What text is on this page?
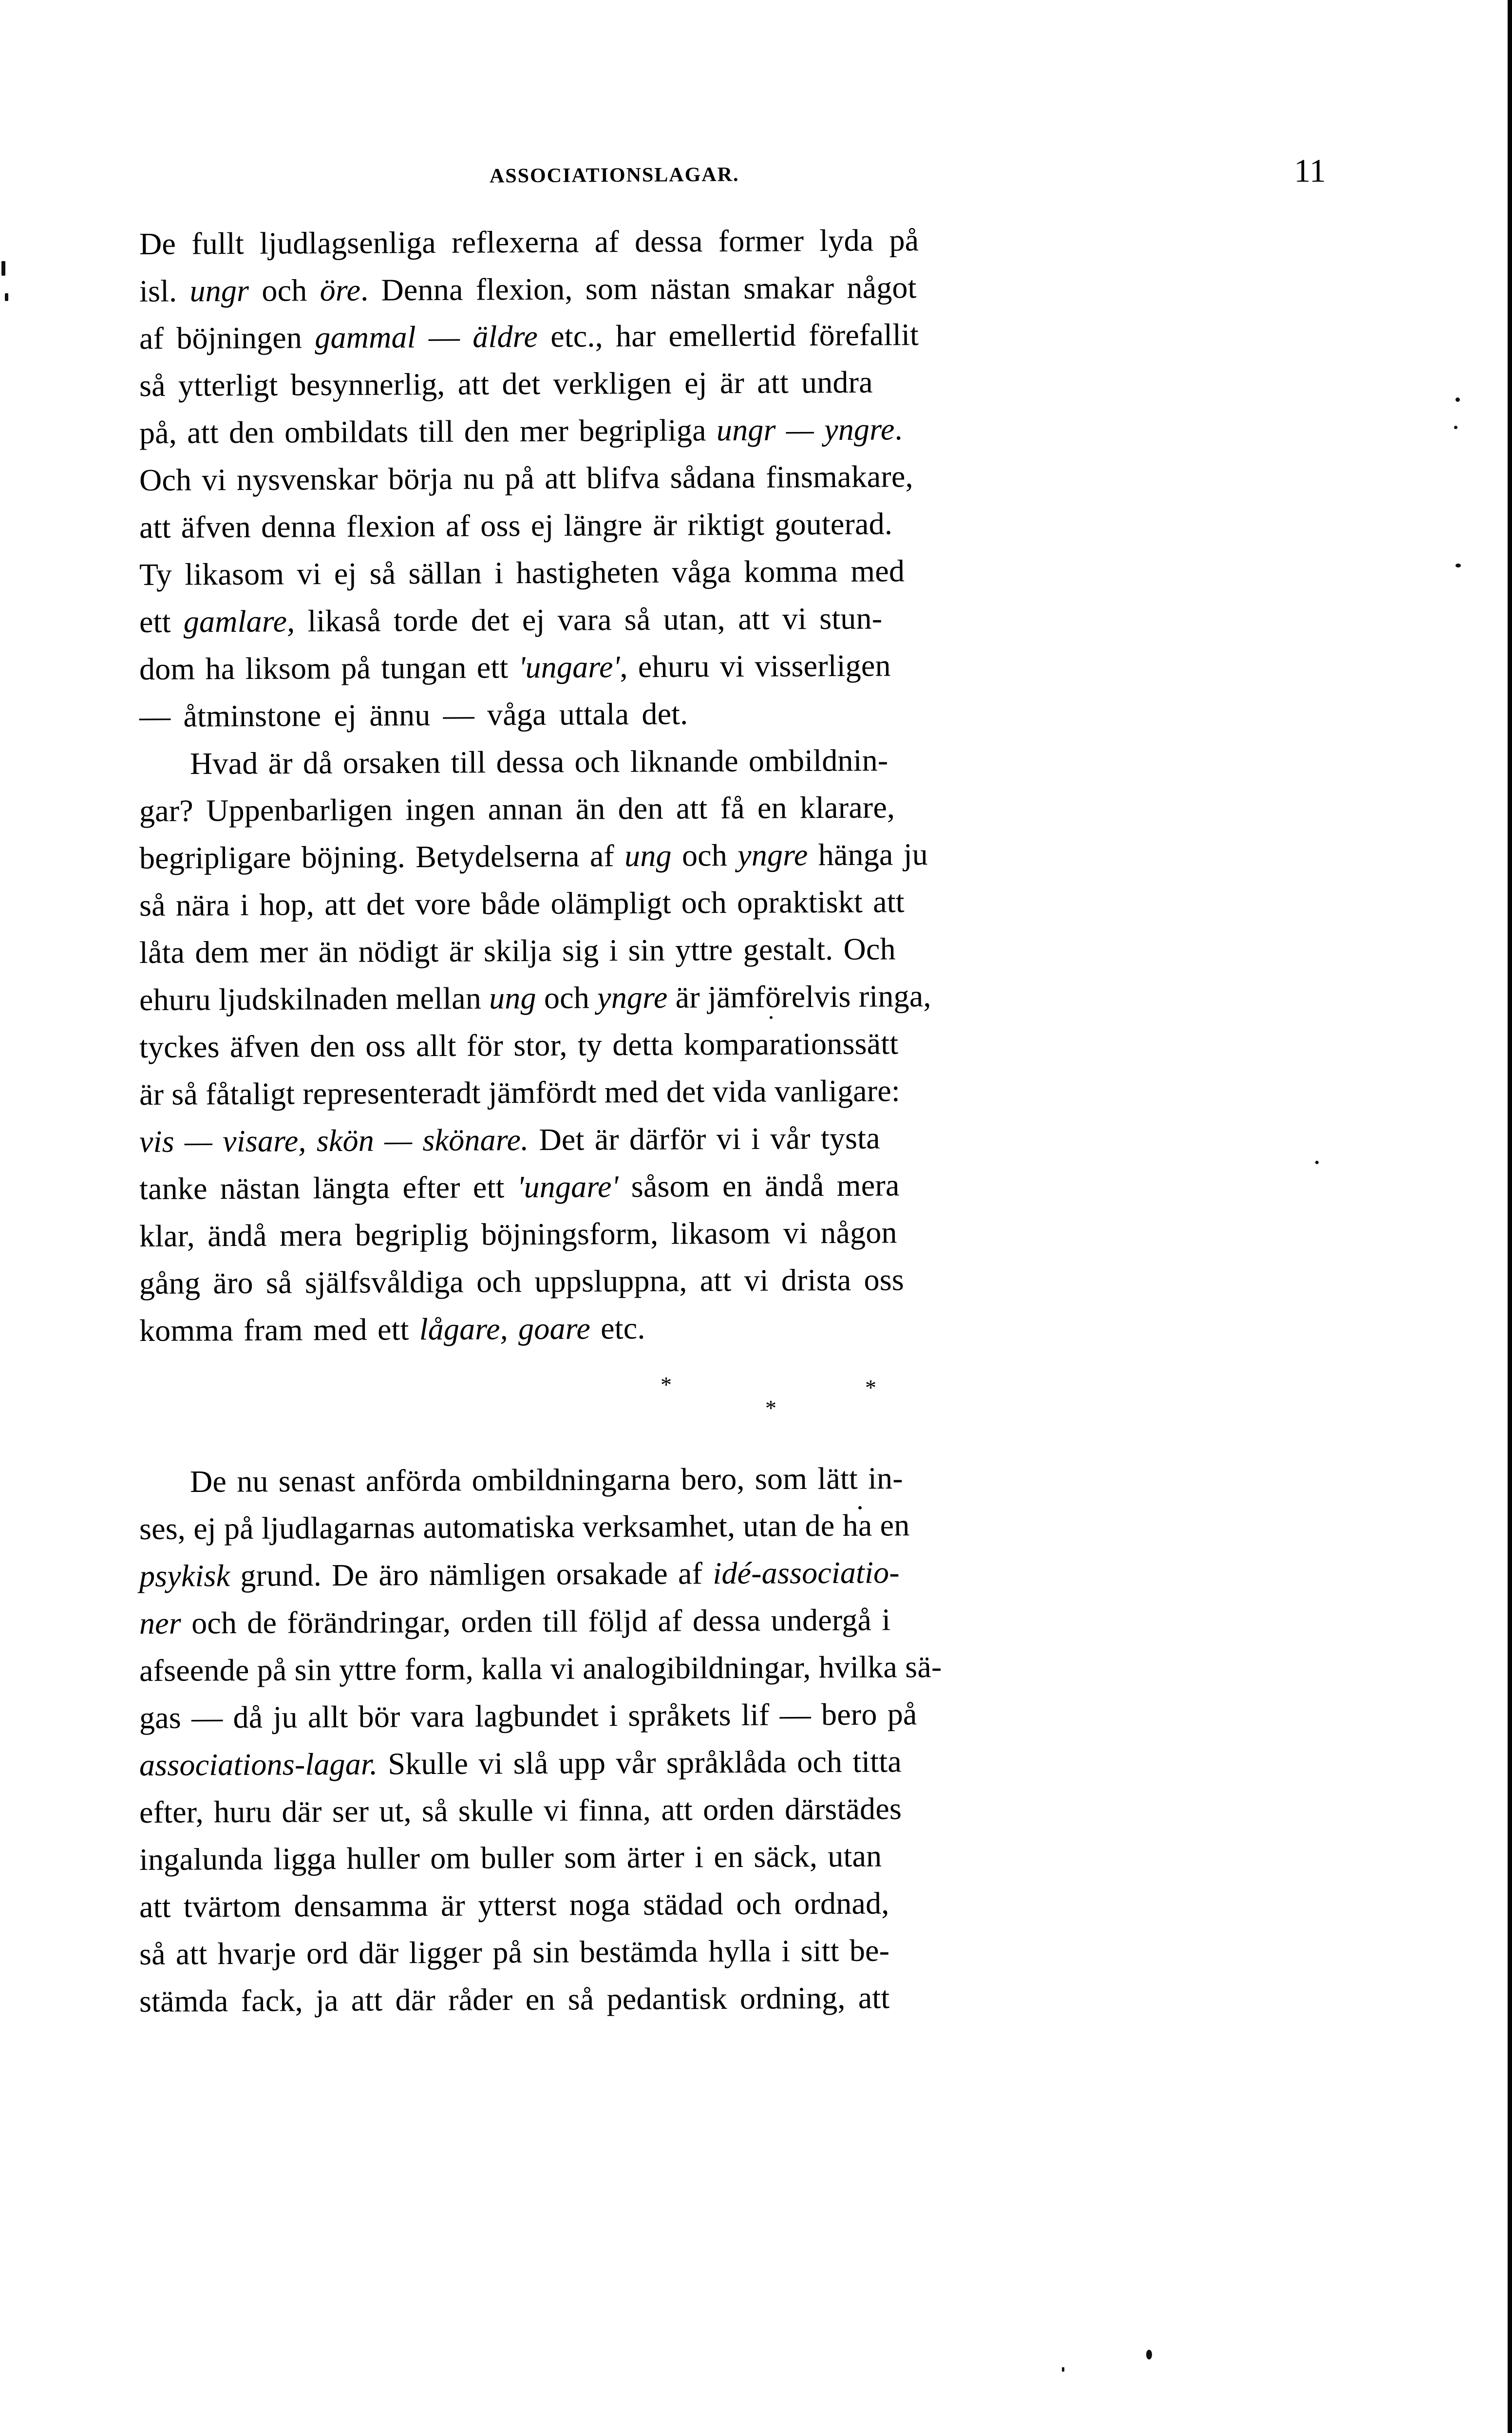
ASSOCIATIONSLAGAR.	11
De fullt ljudlagsenliga reflexerna af dessa former lyda på
isl. ungr och öre. Denna flexion, som nästan smakar något
af böjningen gammal — äldre etc., har emellertid förefallit
så ytterligt besynnerlig, att det verkligen ej är att undra
på, att den ombildats till den mer begripliga ungr — yngre.
Och vi nysvenskar börja nu på att blifva sådana finsmakare,
att äfven denna flexion af oss ej längre är riktigt gouterad.
Ty likasom vi ej så sällan i hastigheten våga komma med
ett gamlare, likaså torde det ej vara så utan, att vi stun-
dom ha liksom på tungan ett 'ungare', ehuru vi visserligen
— åtminstone ej ännu — våga uttala det.
Hvad är då orsaken till dessa och liknande ombildnin-
gar? Uppenbarligen ingen annan än den att få en klarare,
begripligare böjning. Betydelserna af ung och yngre hänga ju
så nära i hop, att det vore både olämpligt och opraktiskt att
låta dem mer än nödigt är skilja sig i sin yttre gestalt. Och
ehuru ljudskilnaden mellan ung och yngre är jämförelvis ringa,
tyckes äfven den oss allt för stor, ty detta komparationssätt
är så fåtaligt representeradt jämfördt med det vida vanligare:
vis — visare, skön — skönare. Det är därför vi i vår tysta
tanke nästan längta efter ett 'ungare' såsom en ändå mera
klar, ändå mera begriplig böjningsform, likasom vi någon
gång äro så själfsvåldiga och uppsluppna, att vi drista oss
komma fram med ett lågare, goare etc.
De nu senast anförda ombildningarna bero, som lätt in-
ses, ej på ljudlagarnas automatiska verksamhet, utan de ha en
psykisk grund. De äro nämligen orsakade af idé-associatio-
ner och de förändringar, orden till följd af dessa undergå i
afseende på sin yttre form, kalla vi analogibildningar, hvilka sä-
gas — då ju allt bör vara lagbundet i språkets lif — bero på
associations-lagar. Skulle vi slå upp vår språklåda och titta
efter, huru där ser ut, så skulle vi finna, att orden därstädes
ingalunda ligga huller om buller som ärter i en säck, utan
att tvärtom densamma är ytterst noga städad och ordnad,
så att hvarje ord där ligger på sin bestämda hylla i sitt be-
stämda fack, ja att där råder en så pedantisk ordning, att
*	*
*
